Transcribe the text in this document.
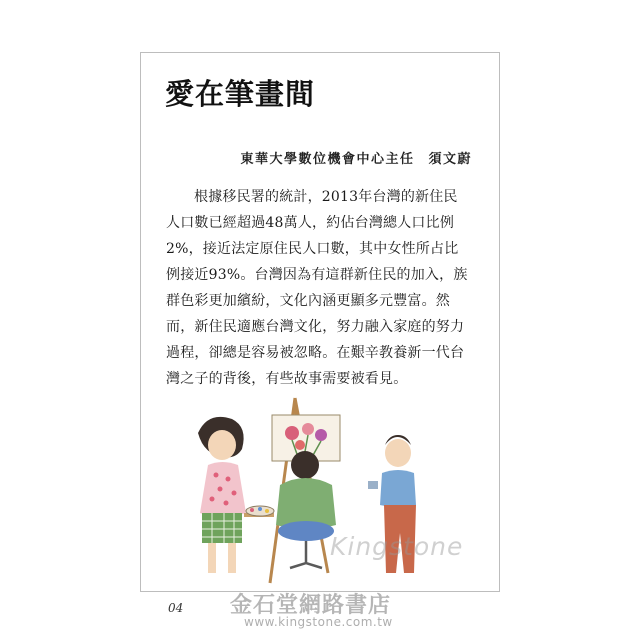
愛在筆畫間
東華大學數位機會中心主任 須文蔚

根據移民署的統計，2013年台灣的新住民
人口數已經超過48萬人，約佔台灣總人口比例
2%，接近法定原住民人口數，其中女性所占比
例接近93%。台灣因為有這群新住民的加入，族
群色彩更加繽紛，文化內涵更顯多元豐富。然
而，新住民適應台灣文化，努力融入家庭的努力
過程，卻總是容易被忽略。在艱辛教養新一代台
灣之子的背後，有些故事需要被看見。

04
Kingstone
金石堂網路書店
www.kingstone.com.tw
